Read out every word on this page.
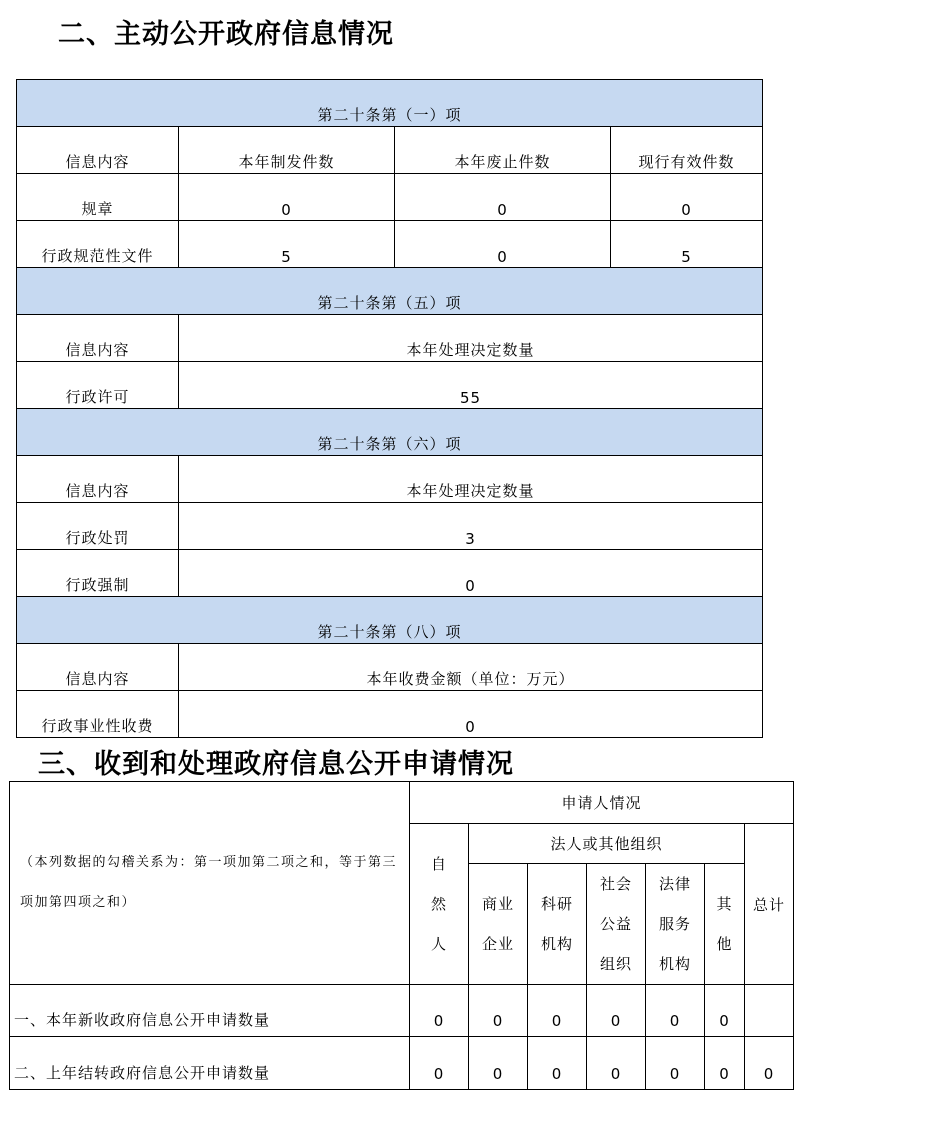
二、主动公开政府信息情况
第二十条第（一）项			
信息内容	本年制发件数	本年废止件数	现行有效件数
规章	0	0	0
行政规范性文件	5	0	5
第二十条第（五）项			
信息内容	本年处理决定数量		
行政许可	55		
第二十条第（六）项			
信息内容	本年处理决定数量		
行政处罚	3		
行政强制	0		
第二十条第（八）项			
信息内容	本年收费金额（单位：万元）		
行政事业性收费	0		
三、收到和处理政府信息公开申请情况
（本列数据的勾稽关系为：第一项加第二项之和，等于第三项加第四项之和）	申请人情况						
	自然人	法人或其他组织					总计
		商业企业	科研机构	社会公益组织	法律服务机构	其他	
一、本年新收政府信息公开申请数量	0	0	0	0	0	0	
二、上年结转政府信息公开申请数量	0	0	0	0	0	0	0
